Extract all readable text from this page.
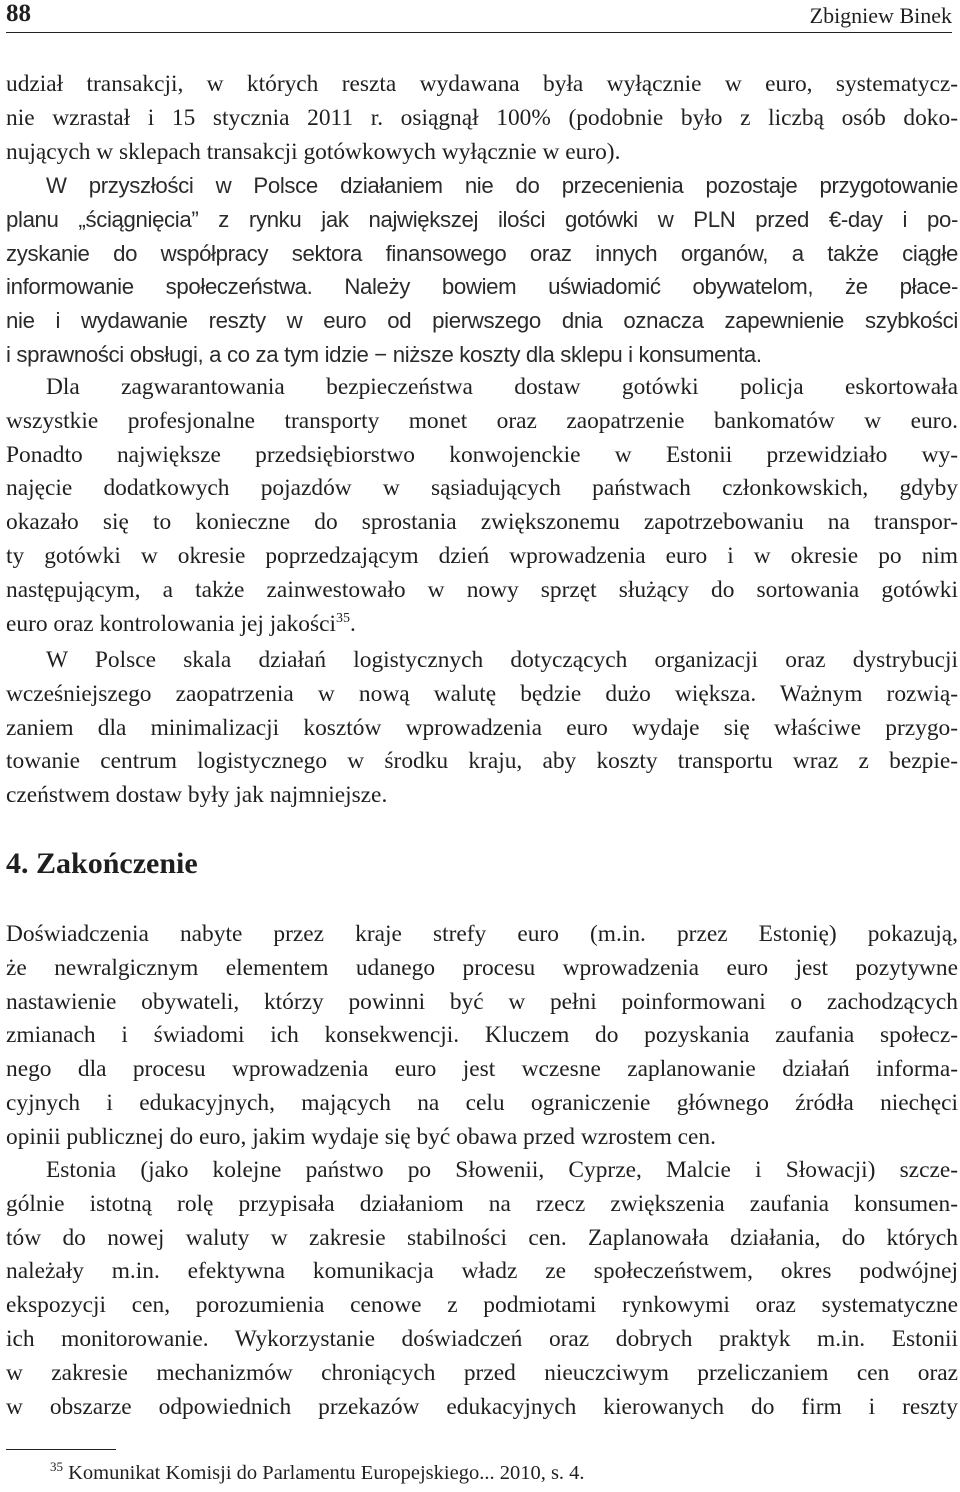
88	Zbigniew Binek
udział transakcji, w których reszta wydawana była wyłącznie w euro, systematycz-
nie wzrastał i 15 stycznia 2011 r. osiągnął 100% (podobnie było z liczbą osób doko-
nujących w sklepach transakcji gotówkowych wyłącznie w euro).
W przyszłości w Polsce działaniem nie do przecenienia pozostaje przygotowanie
planu „ściągnięcia” z rynku jak największej ilości gotówki w PLN przed €-day i po-
zyskanie do współpracy sektora finansowego oraz innych organów, a także ciągłe
informowanie społeczeństwa. Należy bowiem uświadomić obywatelom, że płace-
nie i wydawanie reszty w euro od pierwszego dnia oznacza zapewnienie szybkości
i sprawności obsługi, a co za tym idzie − niższe koszty dla sklepu i konsumenta.
Dla zagwarantowania bezpieczeństwa dostaw gotówki policja eskortowała
wszystkie profesjonalne transporty monet oraz zaopatrzenie bankomatów w euro.
Ponadto największe przedsiębiorstwo konwojenckie w Estonii przewidziało wy-
najęcie dodatkowych pojazdów w sąsiadujących państwach członkowskich, gdyby
okazało się to konieczne do sprostania zwiększonemu zapotrzebowaniu na transpor-
ty gotówki w okresie poprzedzającym dzień wprowadzenia euro i w okresie po nim
następującym, a także zainwestowało w nowy sprzęt służący do sortowania gotówki
euro oraz kontrolowania jej jakości$^{35}$.
W Polsce skala działań logistycznych dotyczących organizacji oraz dystrybucji
wcześniejszego zaopatrzenia w nową walutę będzie dużo większa. Ważnym rozwią-
zaniem dla minimalizacji kosztów wprowadzenia euro wydaje się właściwe przygo-
towanie centrum logistycznego w środku kraju, aby koszty transportu wraz z bezpie-
czeństwem dostaw były jak najmniejsze.
4. Zakończenie
Doświadczenia nabyte przez kraje strefy euro (m.in. przez Estonię) pokazują,
że newralgicznym elementem udanego procesu wprowadzenia euro jest pozytywne
nastawienie obywateli, którzy powinni być w pełni poinformowani o zachodzących
zmianach i świadomi ich konsekwencji. Kluczem do pozyskania zaufania społecz-
nego dla procesu wprowadzenia euro jest wczesne zaplanowanie działań informa-
cyjnych i edukacyjnych, mających na celu ograniczenie głównego źródła niechęci
opinii publicznej do euro, jakim wydaje się być obawa przed wzrostem cen.
Estonia (jako kolejne państwo po Słowenii, Cyprze, Malcie i Słowacji) szcze-
gólnie istotną rolę przypisała działaniom na rzecz zwiększenia zaufania konsumen-
tów do nowej waluty w zakresie stabilności cen. Zaplanowała działania, do których
należały m.in. efektywna komunikacja władz ze społeczeństwem, okres podwójnej
ekspozycji cen, porozumienia cenowe z podmiotami rynkowymi oraz systematyczne
ich monitorowanie. Wykorzystanie doświadczeń oraz dobrych praktyk m.in. Estonii
w zakresie mechanizmów chroniących przed nieuczciwym przeliczaniem cen oraz
w obszarze odpowiednich przekazów edukacyjnych kierowanych do firm i reszty
$^{35}$ Komunikat Komisji do Parlamentu Europejskiego... 2010, s. 4.
